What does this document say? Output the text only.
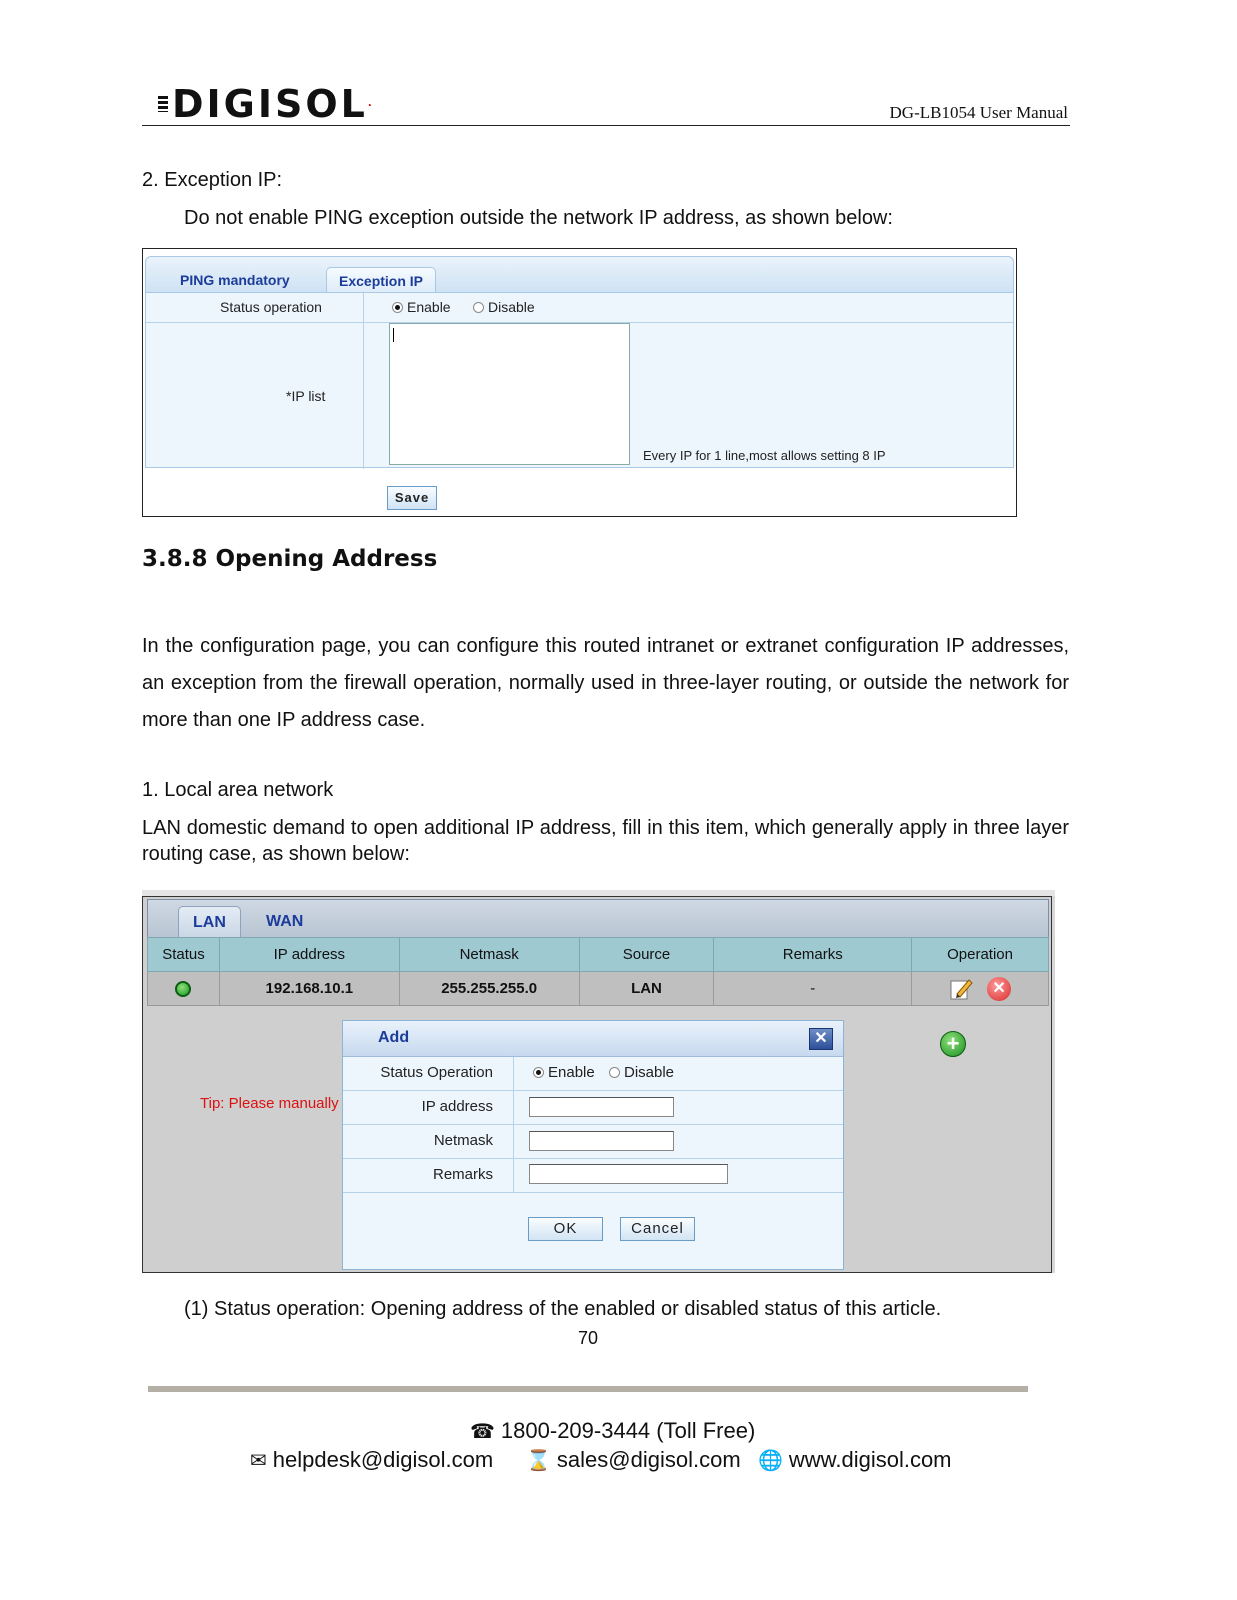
DIGISOL.	DG-LB1054 User Manual
2. Exception IP:
Do not enable PING exception outside the network IP address, as shown below:
PING mandatory	Exception IP
Status operation	Enable	Disable
*IP list
Every IP for 1 line,most allows setting 8 IP
Save
3.8.8 Opening Address
In the configuration page, you can configure this routed intranet or extranet configuration IP addresses, an exception from the firewall operation, normally used in three-layer routing, or outside the network for more than one IP address case.
1. Local area network
LAN domestic demand to open additional IP address, fill in this item, which generally apply in three layer routing case, as shown below:
LAN	WAN
Status	IP address	Netmask	Source	Remarks	Operation
	192.168.10.1	255.255.255.0	LAN	-	✕
+
Tip: Please manually
Add	✕
Status Operation	Enable	Disable
IP address
Netmask
Remarks
OK	Cancel
(1) Status operation: Opening address of the enabled or disabled status of this article.
70
☎ 1800-209-3444 (Toll Free)
✉ helpdesk@digisol.com ⌛ sales@digisol.com 🌐 www.digisol.com
